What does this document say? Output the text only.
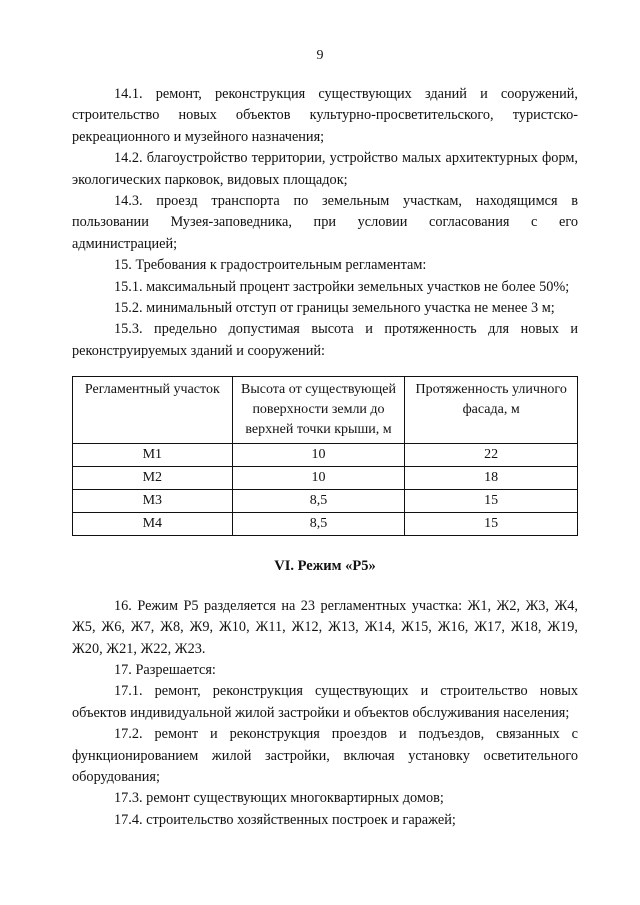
9

14.1. ремонт, реконструкция существующих зданий и сооружений, строительство новых объектов культурно-просветительского, туристско-рекреационного и музейного назначения;

14.2. благоустройство территории, устройство малых архитектурных форм, экологических парковок, видовых площадок;

14.3. проезд транспорта по земельным участкам, находящимся в пользовании Музея-заповедника, при условии согласования с его администрацией;

15. Требования к градостроительным регламентам:

15.1. максимальный процент застройки земельных участков не более 50%;

15.2. минимальный отступ от границы земельного участка не менее 3 м;

15.3. предельно допустимая высота и протяженность для новых и реконструируемых зданий и сооружений:

Регламентный участок	Высота от существующей поверхности земли до верхней точки крыши, м	Протяженность уличного фасада, м
М1	10	22
М2	10	18
М3	8,5	15
М4	8,5	15
VI. Режим «Р5»

16. Режим Р5 разделяется на 23 регламентных участка: Ж1, Ж2, Ж3, Ж4, Ж5, Ж6, Ж7, Ж8, Ж9, Ж10, Ж11, Ж12, Ж13, Ж14, Ж15, Ж16, Ж17, Ж18, Ж19, Ж20, Ж21, Ж22, Ж23.

17. Разрешается:

17.1. ремонт, реконструкция существующих и строительство новых объектов индивидуальной жилой застройки и объектов обслуживания населения;

17.2. ремонт и реконструкция проездов и подъездов, связанных с функционированием жилой застройки, включая установку осветительного оборудования;

17.3. ремонт существующих многоквартирных домов;

17.4. строительство хозяйственных построек и гаражей;
